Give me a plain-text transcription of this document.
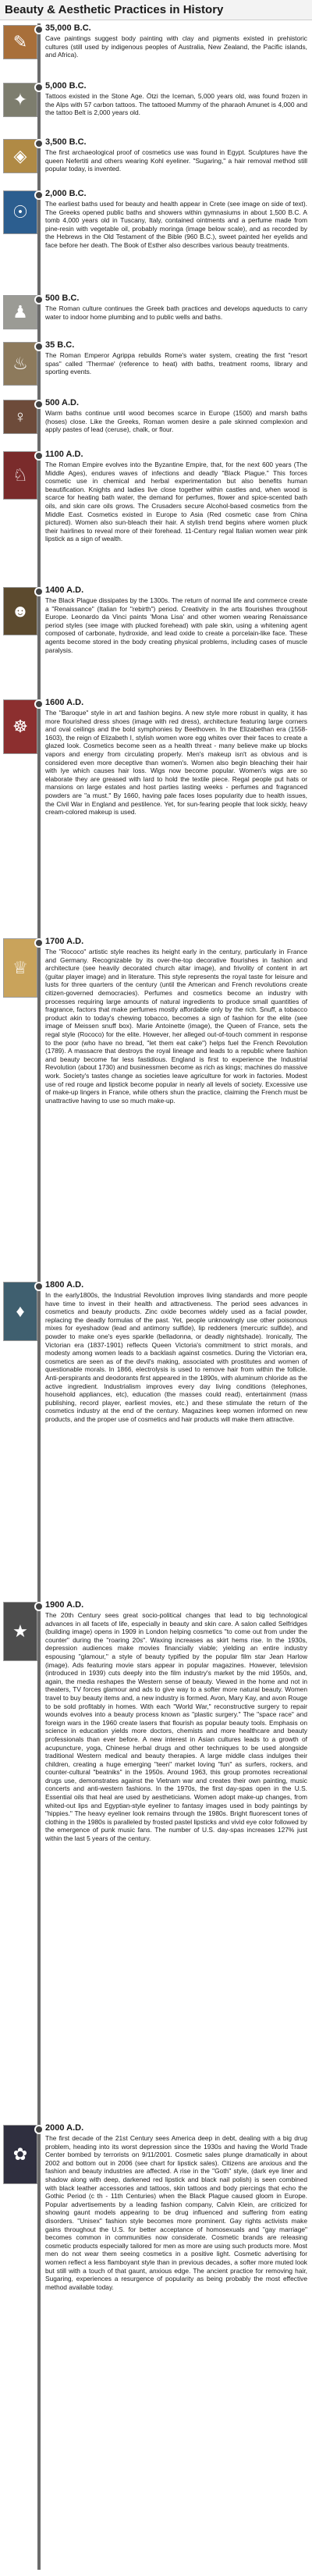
Beauty & Aesthetic Practices in History
✎
35,000 B.C.
Cave paintings suggest body painting with clay and pigments existed in prehistoric cultures (still used by indigenous peoples of Australia, New Zealand, the Pacific islands, and Africa).
✦
5,000 B.C.
Tattoos existed in the Stone Age. Ötzi the Iceman, 5,000 years old, was found frozen in the Alps with 57 carbon tattoos. The tattooed Mummy of the pharaoh Amunet is 4,000 and the tattoo Belt is 2,000 years old.
◈
3,500 B.C.
The first archaeological proof of cosmetics use was found in Egypt. Sculptures have the queen Nefertiti and others wearing Kohl eyeliner. "Sugaring," a hair removal method still popular today, is invented.
☉
2,000 B.C.
The earliest baths used for beauty and health appear in Crete (see image on side of text). The Greeks opened public baths and showers within gymnasiums in about 1,500 B.C. A tomb 4,000 years old in Tuscany, Italy, contained ointments and a perfume made from pine-resin with vegetable oil, probably moringa (image below scale), and as recorded by the Hebrews in the Old Testament of the Bible (960 B.C.), sweet painted her eyelids and face before her death. The Book of Esther also describes various beauty treatments.
♟
500 B.C.
The Roman culture continues the Greek bath practices and develops aqueducts to carry water to indoor home plumbing and to public wells and baths.
♨
35 B.C.
The Roman Emperor Agrippa rebuilds Rome's water system, creating the first "resort spas" called 'Thermae' (reference to heat) with baths, treatment rooms, library and sporting events.
♀
500 A.D.
Warm baths continue until wood becomes scarce in Europe (1500) and marsh baths (hoses) close. Like the Greeks, Roman women desire a pale skinned complexion and apply pastes of lead (ceruse), chalk, or flour.
♘
1100 A.D.
The Roman Empire evolves into the Byzantine Empire, that, for the next 600 years (The Middle Ages), endures waves of infections and deadly "Black Plague." This forces cosmetic use in chemical and herbal experimentation but also benefits human beautification. Knights and ladies live close together within castles and, when wood is scarce for heating bath water, the demand for perfumes, flower and spice-scented bath oils, and skin care oils grows. The Crusaders secure Alcohol-based cosmetics from the Middle East. Cosmetics existed in Europe to Asia (Red cosmetic case from China pictured). Women also sun-bleach their hair. A stylish trend begins where women pluck their hairlines to reveal more of their forehead. 11-Century regal Italian women wear pink lipstick as a sign of wealth.
☻
1400 A.D.
The Black Plague dissipates by the 1300s. The return of normal life and commerce create a "Renaissance" (Italian for "rebirth") period. Creativity in the arts flourishes throughout Europe. Leonardo da Vinci paints 'Mona Lisa' and other women wearing Renaissance period styles (see image with plucked forehead) with pale skin, using a whitening agent composed of carbonate, hydroxide, and lead oxide to create a porcelain-like face. These agents become stored in the body creating physical problems, including cases of muscle paralysis.
☸
1600 A.D.
The "Baroque" style in art and fashion begins. A new style more robust in quality, it has more flourished dress shoes (image with red dress), architecture featuring large corners and oval ceilings and the bold symphonies by Beethoven. In the Elizabethan era (1558-1603), the reign of Elizabeth I, stylish women wore egg whites over their faces to create a glazed look. Cosmetics become seen as a health threat - many believe make up blocks vapors and energy from circulating properly. Men's makeup isn't as obvious and is considered even more deceptive than women's. Women also begin bleaching their hair with lye which causes hair loss. Wigs now become popular. Women's wigs are so elaborate they are greased with lard to hold the textile piece. Regal people put hats or mansions on large estates and host parties lasting weeks - perfumes and fragranced powders are "a must." By 1660, having pale faces loses popularity due to health issues, the Civil War in England and pestilence. Yet, for sun-fearing people that look sickly, heavy cream-colored makeup is used.
♕
1700 A.D.
The "Rococo" artistic style reaches its height early in the century, particularly in France and Germany. Recognizable by its over-the-top decorative flourishes in fashion and architecture (see heavily decorated church altar image), and frivolity of content in art (guitar player image) and in literature. This style represents the royal taste for leisure and lusts for three quarters of the century (until the American and French revolutions create citizen-governed democracies). Perfumes and cosmetics become an industry with processes requiring large amounts of natural ingredients to produce small quantities of fragrance, factors that make perfumes mostly affordable only by the rich. Snuff, a tobacco product akin to today's chewing tobacco, becomes a sign of fashion for the elite (see image of Meissen snuff box). Marie Antoinette (image), the Queen of France, sets the regal style (Rococo) for the elite. However, her alleged out-of-touch comment in response to the poor (who have no bread, "let them eat cake") helps fuel the French Revolution (1789). A massacre that destroys the royal lineage and leads to a republic where fashion and beauty become far less fastidious. England is first to experience the Industrial Revolution (about 1730) and businessmen become as rich as kings; machines do massive work. Society's tastes change as societies leave agriculture for work in factories. Modest use of red rouge and lipstick become popular in nearly all levels of society. Excessive use of make-up lingers in France, while others shun the practice, claiming the French must be unattractive having to use so much make-up.
♦
1800 A.D.
In the early1800s, the Industrial Revolution improves living standards and more people have time to invest in their health and attractiveness. The period sees advances in cosmetics and beauty products. Zinc oxide becomes widely used as a facial powder, replacing the deadly formulas of the past. Yet, people unknowingly use other poisonous mixes for eyeshadow (lead and antimony sulfide), lip reddeners (mercuric sulfide), and powder to make one's eyes sparkle (belladonna, or deadly nightshade). Ironically, The Victorian era (1837-1901) reflects Queen Victoria's commitment to strict morals, and modesty among women leads to a backlash against cosmetics. During the Victorian era, cosmetics are seen as of the devil's making, associated with prostitutes and women of questionable morals. In 1866, electrolysis is used to remove hair from within the follicle. Anti-perspirants and deodorants first appeared in the 1890s, with aluminum chloride as the active ingredient. Industrialism improves every day living conditions (telephones, household appliances, etc), education (the masses could read), entertainment (mass publishing, record player, earliest movies, etc.) and these stimulate the return of the cosmetics industry at the end of the century. Magazines keep women informed on new products, and the proper use of cosmetics and hair products will make them attractive.
★
1900 A.D.
The 20th Century sees great socio-political changes that lead to big technological advances in all facets of life, especially in beauty and skin care. A salon called Selfridges (building image) opens in 1909 in London helping cosmetics "to come out from under the counter" during the "roaring 20s". Waxing increases as skirt hems rise. In the 1930s, depression audiences make movies financially viable; yielding an entire industry espousing "glamour," a style of beauty typified by the popular film star Jean Harlow (image). Ads featuring movie stars appear in popular magazines. However, television (introduced in 1939) cuts deeply into the film industry's market by the mid 1950s, and, again, the media reshapes the Western sense of beauty. Viewed in the home and not in theaters, TV forces glamour and ads to give way to a softer more natural beauty. Women travel to buy beauty items and, a new industry is formed. Avon, Mary Kay, and avon Rouge to be sold profitably in homes. With each "World War," reconstructive surgery to repair wounds evolves into a beauty process known as "plastic surgery." The "space race" and foreign wars in the 1960 create lasers that flourish as popular beauty tools. Emphasis on science in education yields more doctors, chemists and more healthcare and beauty professionals than ever before. A new interest in Asian cultures leads to a growth of acupuncture, yoga, Chinese herbal drugs and other techniques to be used alongside traditional Western medical and beauty therapies. A large middle class indulges their children, creating a huge emerging "teen" market loving "fun" as surfers, rockers, and counter-cultural "beatniks" in the 1950s. Around 1963, this group promotes recreational drugs use, demonstrates against the Vietnam war and creates their own painting, music concerts and anti-western fashions. In the 1970s, the first day-spas open in the U.S. Essential oils that heal are used by aestheticians. Women adopt make-up changes, from whited-out lips and Egyptian-style eyeliner to fantasy images used in body paintings by "hippies." The heavy eyeliner look remains through the 1980s. Bright fluorescent tones of clothing in the 1980s is paralleled by frosted pastel lipsticks and vivid eye color followed by the emergence of punk music fans. The number of U.S. day-spas increases 127% just within the last 5 years of the century.
✿
2000 A.D.
The first decade of the 21st Century sees America deep in debt, dealing with a big drug problem, heading into its worst depression since the 1930s and having the World Trade Center bombed by terrorists on 9/11/2001. Cosmetic sales plunge dramatically in about 2002 and bottom out in 2006 (see chart for lipstick sales). Citizens are anxious and the fashion and beauty industries are affected. A rise in the "Goth" style, (dark eye liner and shadow along with deep, darkened red lipstick and black nail polish) is seen combined with black leather accessories and tattoos, skin tattoos and body piercings that echo the Gothic Period (c th - 11th Centuries) when the Black Plague caused gloom in Europe. Popular advertisements by a leading fashion company, Calvin Klein, are criticized for showing gaunt models appearing to be drug influenced and suffering from eating disorders. "Unisex" fashion style becomes more prominent. Gay rights activists make gains throughout the U.S. for better acceptance of homosexuals and "gay marriage" becomes common in communities now considerate. Cosmetic brands are releasing cosmetic products especially tailored for men as more are using such products more. Most men do not wear them seeing cosmetics in a positive light. Cosmetic advertising for women reflect a less flamboyant style than in previous decades, a softer more muted look but still with a touch of that gaunt, anxious edge. The ancient practice for removing hair, Sugaring, experiences a resurgence of popularity as being probably the most effective method available today.
